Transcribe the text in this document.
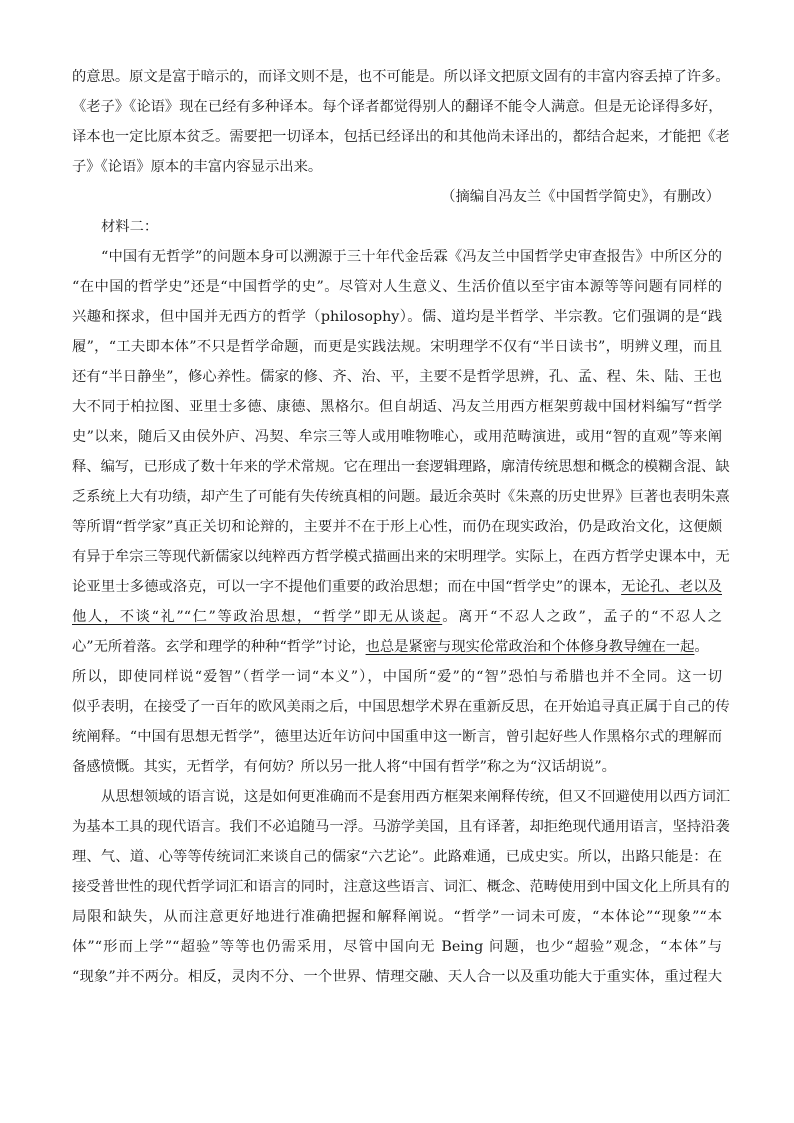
的意思。原文是富于暗示的，而译文则不是，也不可能是。所以译文把原文固有的丰富内容丢掉了许多。
《老子》《论语》现在已经有多种译本。每个译者都觉得别人的翻译不能令人满意。但是无论译得多好，
译本也一定比原本贫乏。需要把一切译本，包括已经译出的和其他尚未译出的，都结合起来，才能把《老
子》《论语》原本的丰富内容显示出来。
（摘编自冯友兰《中国哲学简史》，有删改）
材料二：
“中国有无哲学”的问题本身可以溯源于三十年代金岳霖《冯友兰中国哲学史审查报告》中所区分的
“在中国的哲学史”还是“中国哲学的史”。尽管对人生意义、生活价值以至宇宙本源等等问题有同样的
兴趣和探求，但中国并无西方的哲学（philosophy）。儒、道均是半哲学、半宗教。它们强调的是“践
履”，“工夫即本体”不只是哲学命题，而更是实践法规。宋明理学不仅有“半日读书”，明辨义理，而且
还有“半日静坐”，修心养性。儒家的修、齐、治、平，主要不是哲学思辨，孔、孟、程、朱、陆、王也
大不同于柏拉图、亚里士多德、康德、黑格尔。但自胡适、冯友兰用西方框架剪裁中国材料编写“哲学
史”以来，随后又由侯外庐、冯契、牟宗三等人或用唯物唯心，或用范畴演进，或用“智的直观”等来阐
释、编写，已形成了数十年来的学术常规。它在理出一套逻辑理路，廓清传统思想和概念的模糊含混、缺
乏系统上大有功绩，却产生了可能有失传统真相的问题。最近余英时《朱熹的历史世界》巨著也表明朱熹
等所谓“哲学家”真正关切和论辩的，主要并不在于形上心性，而仍在现实政治，仍是政治文化，这便颇
有异于牟宗三等现代新儒家以纯粹西方哲学模式描画出来的宋明理学。实际上，在西方哲学史课本中，无
论亚里士多德或洛克，可以一字不提他们重要的政治思想；而在中国“哲学史”的课本，无论孔、老以及
他人，不谈“礼”“仁”等政治思想，“哲学”即无从谈起。离开“不忍人之政”，孟子的“不忍人之
心”无所着落。玄学和理学的种种“哲学”讨论，也总是紧密与现实伦常政治和个体修身教导缠在一起。
所以，即使同样说“爱智”（哲学一词“本义”），中国所“爱”的“智”恐怕与希腊也并不全同。这一切
似乎表明，在接受了一百年的欧风美雨之后，中国思想学术界在重新反思，在开始追寻真正属于自己的传
统阐释。“中国有思想无哲学”，德里达近年访问中国重申这一断言，曾引起好些人作黑格尔式的理解而
备感愤慨。其实，无哲学，有何妨？所以另一批人将“中国有哲学”称之为“汉话胡说”。
从思想领域的语言说，这是如何更准确而不是套用西方框架来阐释传统，但又不回避使用以西方词汇
为基本工具的现代语言。我们不必追随马一浮。马游学美国，且有译著，却拒绝现代通用语言，坚持沿袭
理、气、道、心等等传统词汇来谈自己的儒家“六艺论”。此路难通，已成史实。所以，出路只能是：在
接受普世性的现代哲学词汇和语言的同时，注意这些语言、词汇、概念、范畴使用到中国文化上所具有的
局限和缺失，从而注意更好地进行准确把握和解释阐说。“哲学”一词未可废，“本体论”“现象”“本
体”“形而上学”“超验”等等也仍需采用，尽管中国向无 Being 问题，也少“超验”观念，“本体”与
“现象”并不两分。相反，灵肉不分、一个世界、情理交融、天人合一以及重功能大于重实体，重过程大
